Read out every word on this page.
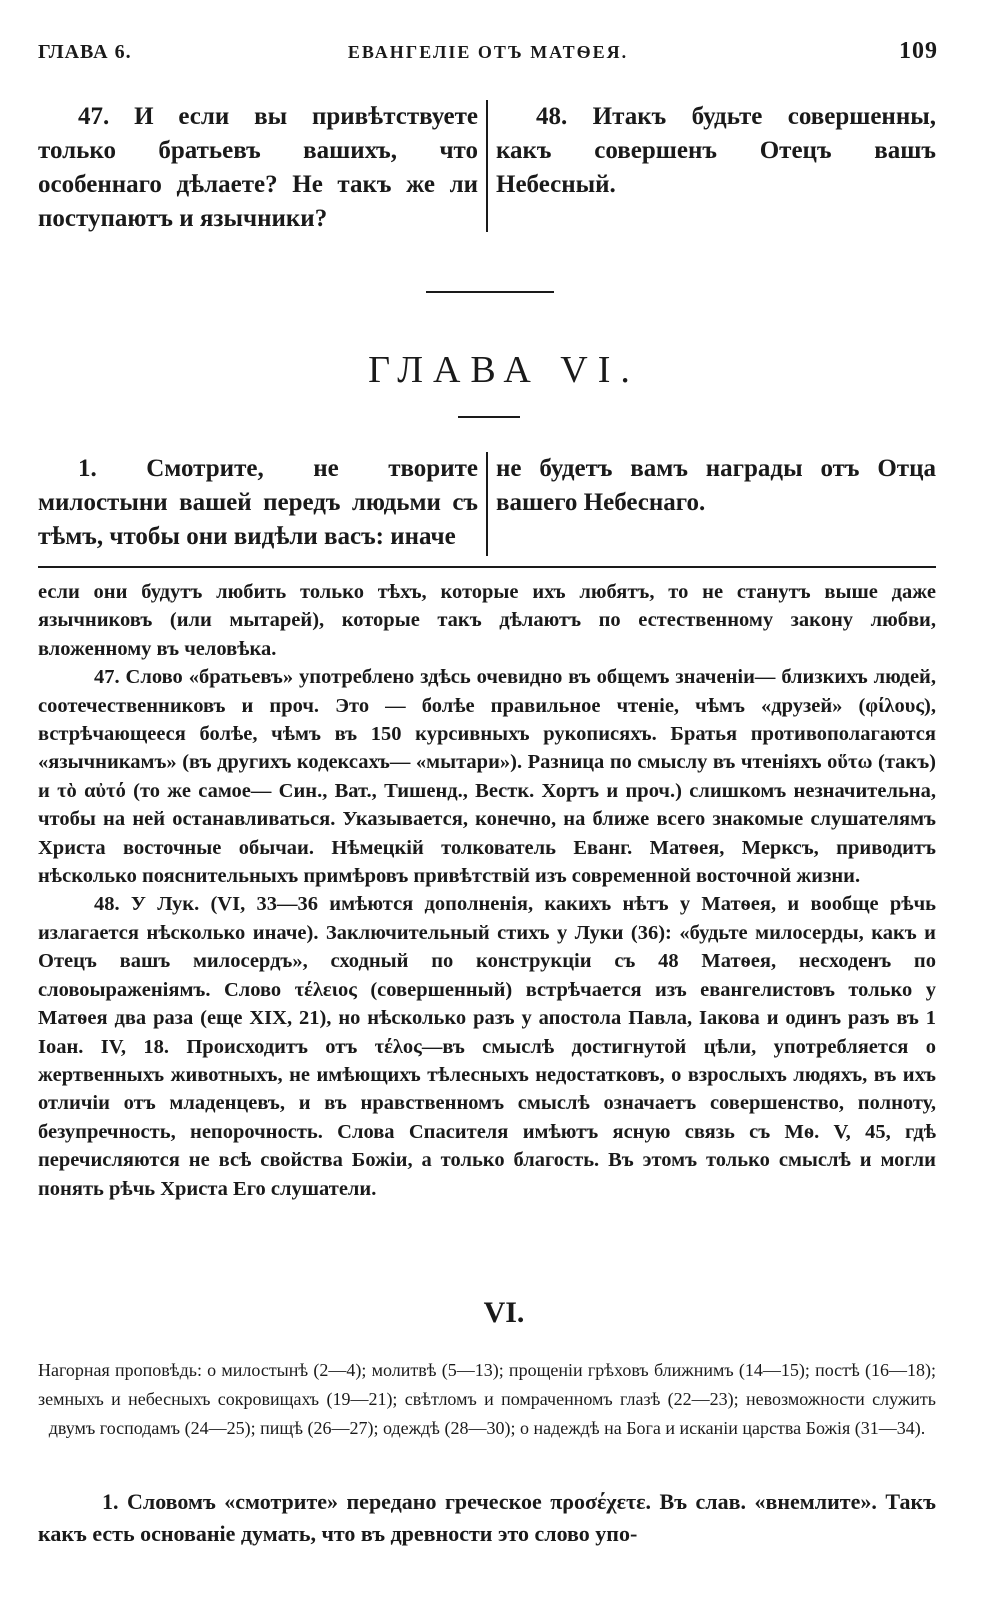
ГЛАВА 6.	ЕВАНГЕЛІЕ ОТЪ МАТѲЕЯ.	109

47. И если вы привѣтствуете только братьевъ вашихъ, что особеннаго дѣлаете? Не такъ же ли поступаютъ и язычники?

48. Итакъ будьте совершенны, какъ совершенъ Отецъ вашъ Небесный.

ГЛАВА VI.

1. Смотрите, не творите милостыни вашей передъ людьми съ тѣмъ, чтобы они видѣли васъ: иначе

не будетъ вамъ награды отъ Отца вашего Небеснаго.

если они будутъ любить только тѣхъ, которые ихъ любятъ, то не станутъ выше даже язычниковъ (или мытарей), которые такъ дѣлаютъ по естественному закону любви, вложенному въ человѣка.

47. Слово «братьевъ» употреблено здѣсь очевидно въ общемъ значеніи— близкихъ людей, соотечественниковъ и проч. Это — болѣе правильное чтеніе, чѣмъ «друзей» (φίλους), встрѣчающееся болѣе, чѣмъ въ 150 курсивныхъ рукописяхъ. Братья противополагаются «язычникамъ» (въ другихъ кодексахъ— «мытари»). Разница по смыслу въ чтеніяхъ οὕτω (такъ) и τὸ αὐτό (то же самое— Син., Ват., Тишенд., Вестк. Хортъ и проч.) слишкомъ незначительна, чтобы на ней останавливаться. Указывается, конечно, на ближе всего знакомые слушателямъ Христа восточные обычаи. Нѣмецкій толкователь Еванг. Матѳея, Мерксъ, приводитъ нѣсколько пояснительныхъ примѣровъ привѣтствій изъ современной восточной жизни.

48. У Лук. (VI, 33—36 имѣются дополненія, какихъ нѣтъ у Матѳея, и вообще рѣчь излагается нѣсколько иначе). Заключительный стихъ у Луки (36): «будьте милосерды, какъ и Отецъ вашъ милосердъ», сходный по конструкціи съ 48 Матѳея, несходенъ по словоыраженіямъ. Слово τέλειος (совершенный) встрѣчается изъ евангелистовъ только у Матѳея два раза (еще XIX, 21), но нѣсколько разъ у апостола Павла, Іакова и одинъ разъ въ 1 Іоан. IV, 18. Происходитъ отъ τέλος—въ смыслѣ достигнутой цѣли, употребляется о жертвенныхъ животныхъ, не имѣющихъ тѣлесныхъ недостатковъ, о взрослыхъ людяхъ, въ ихъ отличіи отъ младенцевъ, и въ нравственномъ смыслѣ означаетъ совершенство, полноту, безупречность, непорочность. Слова Спасителя имѣютъ ясную связь съ Мѳ. V, 45, гдѣ перечисляются не всѣ свойства Божіи, а только благость. Въ этомъ только смыслѣ и могли понять рѣчь Христа Его слушатели.

VI.
Нагорная проповѣдь: о милостынѣ (2—4); молитвѣ (5—13); прощеніи грѣховъ ближнимъ (14—15); постѣ (16—18); земныхъ и небесныхъ сокровищахъ (19—21); свѣтломъ и помраченномъ глазѣ (22—23); невозможности служить двумъ господамъ (24—25); пищѣ (26—27); одеждѣ (28—30); о надеждѣ на Бога и исканіи царства Божія (31—34).

1. Словомъ «смотрите» передано греческое προσέχετε. Въ слав. «внемлите». Такъ какъ есть основаніе думать, что въ древности это слово упо-
